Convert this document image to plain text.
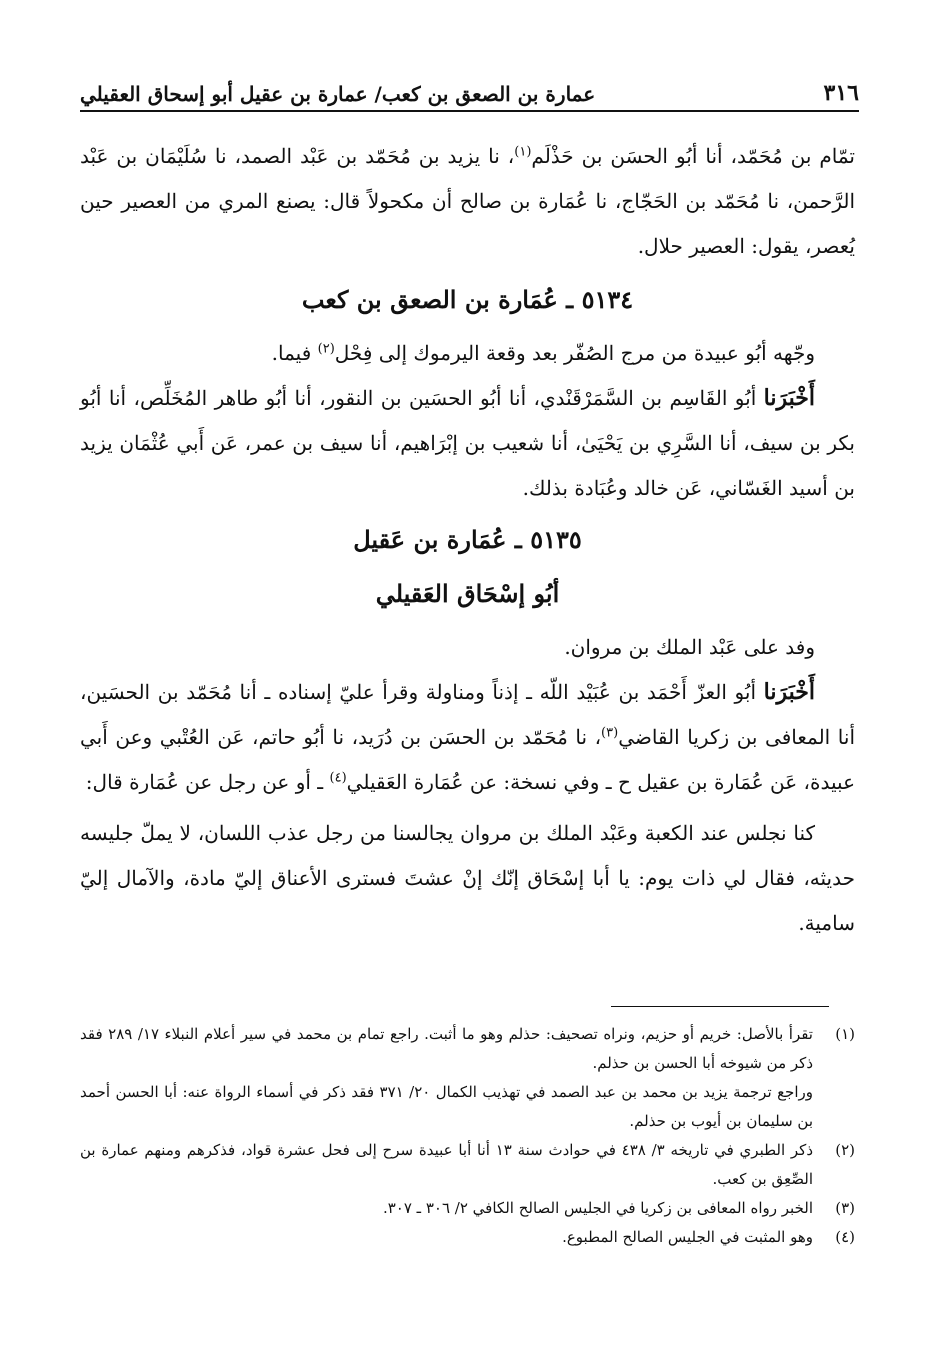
٣١٦
عمارة بن الصعق بن كعب/ عمارة بن عقيل أبو إسحاق العقيلي

تمّام بن مُحَمّد، أنا أبُو الحسَن بن حَذْلَم$^{(١)}$، نا يزيد بن مُحَمّد بن عَبْد الصمد، نا سُلَيْمَان بن عَبْد الرَّحمن، نا مُحَمّد بن الحَجّاج، نا عُمَارة بن صالح أن مكحولاً قال: يصنع المري من العصير حين يُعصر، يقول: العصير حلال.

٥١٣٤ ـ عُمَارة بن الصعق بن كعب

وجّهه أبُو عبيدة من مرج الصُفّر بعد وقعة اليرموك إلى فِحْل$^{(٢)}$ فيما.

أَخْبَرَنا أبُو القَاسِم بن السَّمَرْقَنْدي، أنا أبُو الحسَين بن النقور، أنا أبُو طاهر المُخَلِّص، أنا أبُو بكر بن سيف، أنا السَّرِي بن يَحْيَىٰ، أنا شعيب بن إبْرَاهيم، أنا سيف بن عمر، عَن أَبي عُثْمَان يزيد بن أسيد الغَسّاني، عَن خالد وعُبَادة بذلك.

٥١٣٥ ـ عُمَارة بن عَقيل

أبُو إسْحَاق العَقيلي

وفد على عَبْد الملك بن مروان.

أَخْبَرَنا أبُو العزّ أَحْمَد بن عُبَيْد اللّه ـ إذناً ومناولة وقرأ عليّ إسناده ـ أنا مُحَمّد بن الحسَين، أنا المعافى بن زكريا القاضي$^{(٣)}$، نا مُحَمّد بن الحسَن بن دُرَيد، نا أبُو حاتم، عَن العُتْبي وعن أَبي عبيدة، عَن عُمَارة بن عقيل ح ـ وفي نسخة: عن عُمَارة العَقيلي$^{(٤)}$ ـ أو عن رجل عن عُمَارة قال:

كنا نجلس عند الكعبة وعَبْد الملك بن مروان يجالسنا من رجل عذب اللسان، لا يملّ جليسه حديثه، فقال لي ذات يوم: يا أبا إسْحَاق إنّك إنْ عشتَ فسترى الأعناق إليّ مادة، والآمال إليّ سامية.

(١)
تقرأ بالأصل: خريم أو حزيم، ونراه تصحيف: حذلم وهو ما أثبت. راجع تمام بن محمد في سير أعلام النبلاء ١٧/ ٢٨٩ فقد ذكر من شيوخه أبا الحسن بن حذلم.
وراجع ترجمة يزيد بن محمد بن عبد الصمد في تهذيب الكمال ٢٠/ ٣٧١ فقد ذكر في أسماء الرواة عنه: أبا الحسن أحمد بن سليمان بن أيوب بن حذلم.
(٢)
ذكر الطبري في تاريخه ٣/ ٤٣٨ في حوادث سنة ١٣ أنا أبا عبيدة سرح إلى فحل عشرة قواد، فذكرهم ومنهم عمارة بن الصِّعِق بن كعب.
(٣)
الخبر رواه المعافى بن زكريا في الجليس الصالح الكافي ٢/ ٣٠٦ ـ ٣٠٧.
(٤)
وهو المثبت في الجليس الصالح المطبوع.
